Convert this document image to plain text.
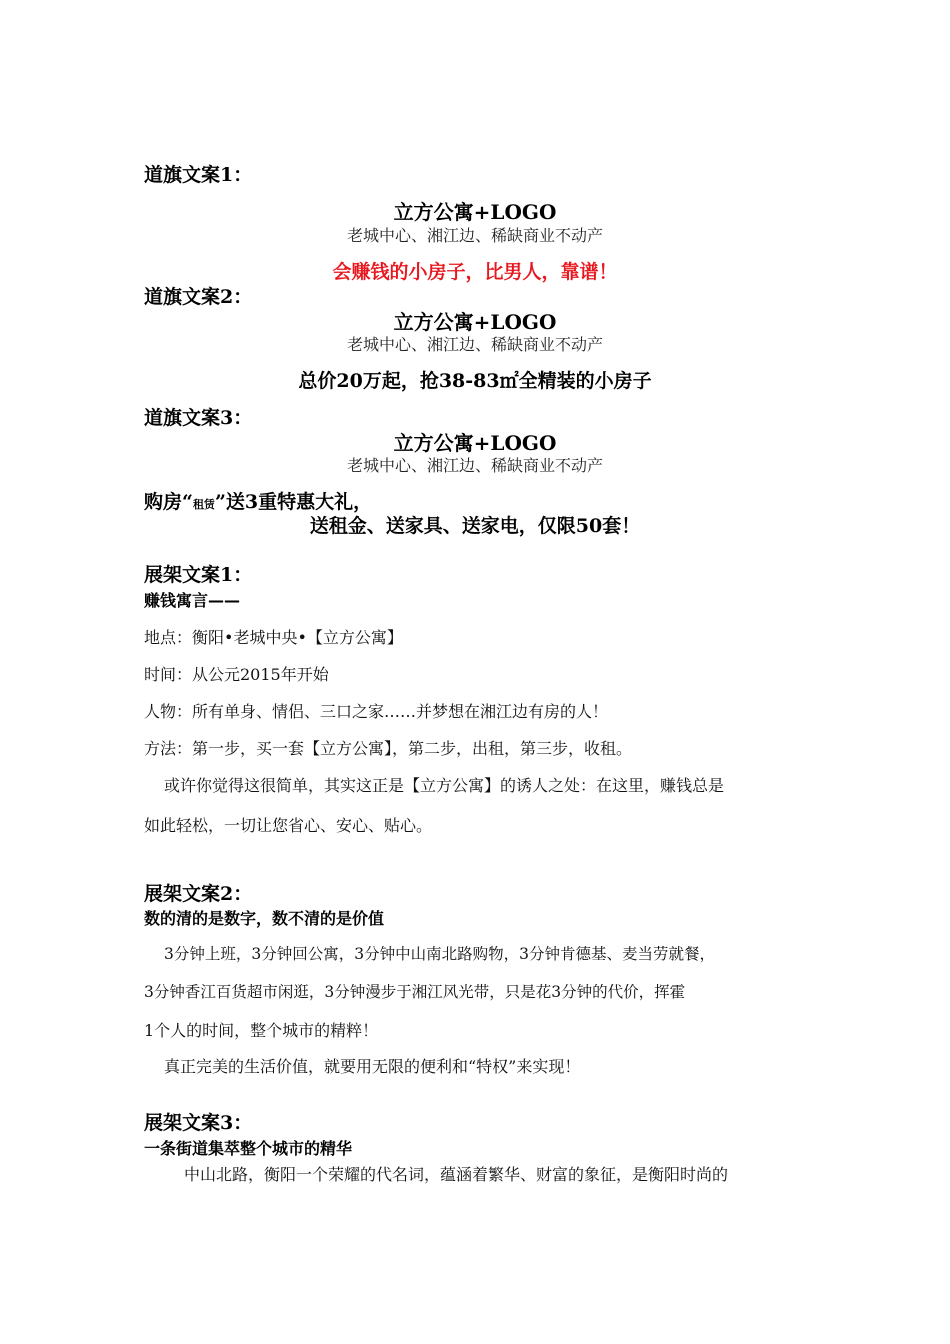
道旗文案1：
立方公寓+LOGO
老城中心、湘江边、稀缺商业不动产
会赚钱的小房子，比男人，靠谱！
道旗文案2：
立方公寓+LOGO
老城中心、湘江边、稀缺商业不动产
总价20万起，抢38-83㎡全精装的小房子
道旗文案3：
立方公寓+LOGO
老城中心、湘江边、稀缺商业不动产
购房“租赁”送3重特惠大礼，
送租金、送家具、送家电，仅限50套！
展架文案1：
赚钱寓言——
地点：衡阳•老城中央•【立方公寓】
时间：从公元2015年开始
人物：所有单身、情侣、三口之家……并梦想在湘江边有房的人！
方法：第一步，买一套【立方公寓】，第二步，出租，第三步，收租。
或许你觉得这很简单，其实这正是【立方公寓】的诱人之处：在这里，赚钱总是
如此轻松，一切让您省心、安心、贴心。
展架文案2：
数的清的是数字，数不清的是价值
3分钟上班，3分钟回公寓，3分钟中山南北路购物，3分钟肯德基、麦当劳就餐，
3分钟香江百货超市闲逛，3分钟漫步于湘江风光带，只是花3分钟的代价，挥霍
1个人的时间，整个城市的精粹！
真正完美的生活价值，就要用无限的便利和“特权”来实现！
展架文案3：
一条街道集萃整个城市的精华
中山北路，衡阳一个荣耀的代名词，蕴涵着繁华、财富的象征，是衡阳时尚的
